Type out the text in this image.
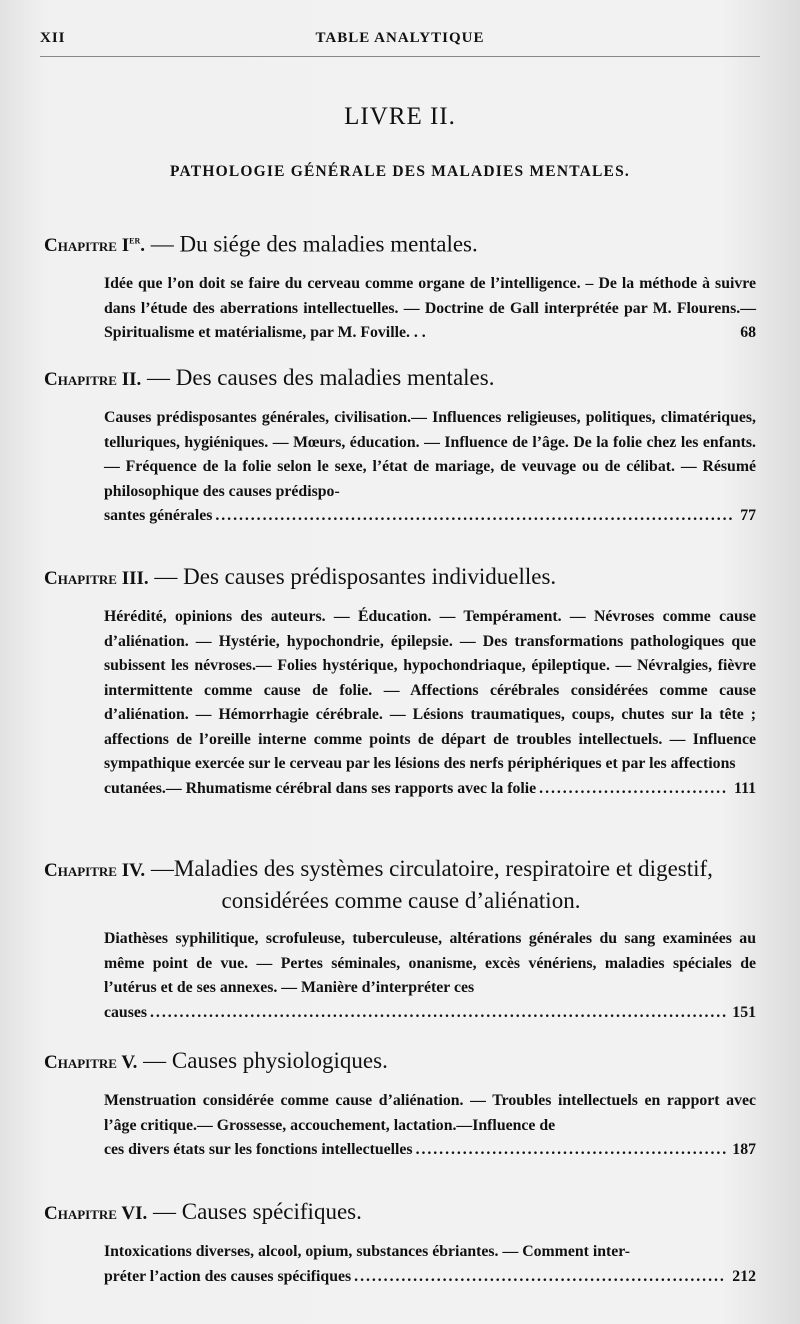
XII	TABLE ANALYTIQUE
LIVRE II.
PATHOLOGIE GÉNÉRALE DES MALADIES MENTALES.
Chapitre Ier. — Du siége des maladies mentales.
Idée que l’on doit se faire du cerveau comme organe de l’intelligence. – De la méthode à suivre dans l’étude des aberrations intellectuelles. — Doctrine de Gall interprétée par M. Flourens.— Spiritualisme et matérialisme, par M. Foville. . .	68
Chapitre II. — Des causes des maladies mentales.
Causes prédisposantes générales, civilisation.— Influences religieuses, politiques, climatériques, telluriques, hygiéniques. — Mœurs, éducation. — Influence de l’âge. De la folie chez les enfants. — Fréquence de la folie selon le sexe, l’état de mariage, de veuvage ou de célibat. — Résumé philosophique des causes prédispo-
santes générales . . .	77
Chapitre III. — Des causes prédisposantes individuelles.
Hérédité, opinions des auteurs. — Éducation. — Tempérament. — Névroses comme cause d’aliénation. — Hystérie, hypochondrie, épilepsie. — Des transformations pathologiques que subissent les névroses.— Folies hystérique, hypochondriaque, épileptique. — Névralgies, fièvre intermittente comme cause de folie. — Affections cérébrales considérées comme cause d’aliénation. — Hémorrhagie cérébrale. — Lésions traumatiques, coups, chutes sur la tête ; affections de l’oreille interne comme points de départ de troubles intellectuels. — Influence sympathique exercée sur le cerveau par les lésions des nerfs périphériques et par les affections
cutanées.— Rhumatisme cérébral dans ses rapports avec la folie . . .	111
Chapitre IV. —Maladies des systèmes circulatoire, respiratoire et digestif,
considérées comme cause d’aliénation.
Diathèses syphilitique, scrofuleuse, tuberculeuse, altérations générales du sang examinées au même point de vue. — Pertes séminales, onanisme, excès vénériens, maladies spéciales de l’utérus et de ses annexes. — Manière d’interpréter ces
causes . . .	151
Chapitre V. — Causes physiologiques.
Menstruation considérée comme cause d’aliénation. — Troubles intellectuels en rapport avec l’âge critique.— Grossesse, accouchement, lactation.—Influence de
ces divers états sur les fonctions intellectuelles . . .	187
Chapitre VI. — Causes spécifiques.
Intoxications diverses, alcool, opium, substances ébriantes. — Comment inter-
préter l’action des causes spécifiques . . .	212
